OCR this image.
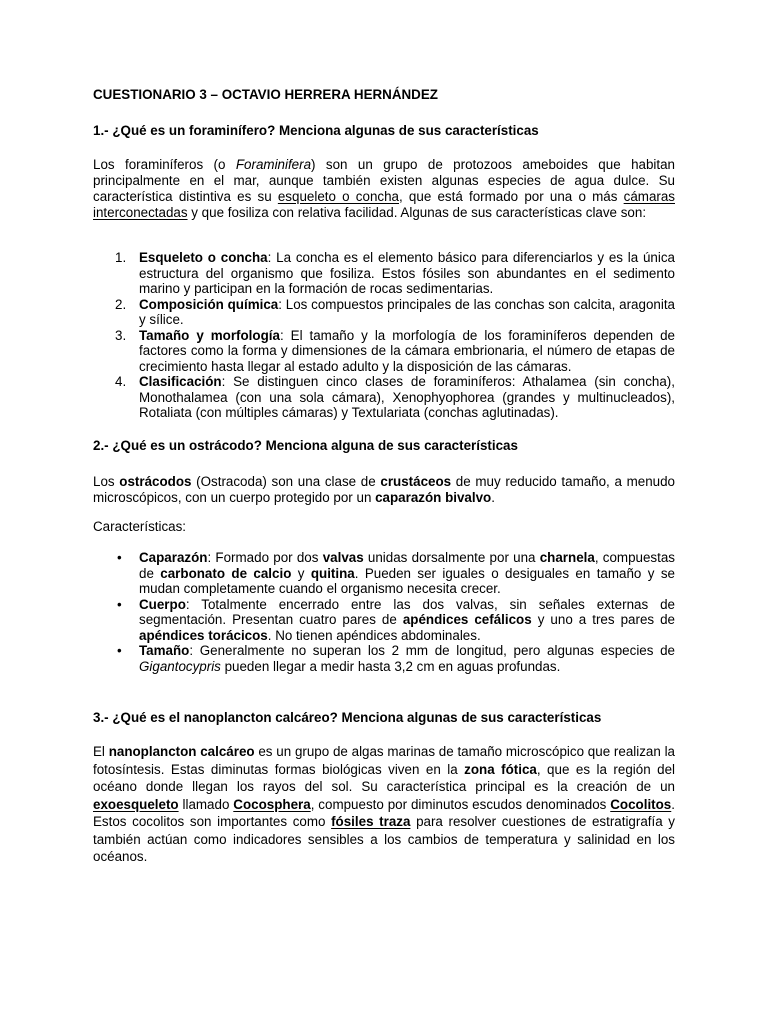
CUESTIONARIO 3 – OCTAVIO HERRERA HERNÁNDEZ
1.- ¿Qué es un foraminífero? Menciona algunas de sus características

Los foraminíferos (o Foraminifera) son un grupo de protozoos ameboides que habitan principalmente en el mar, aunque también existen algunas especies de agua dulce. Su característica distintiva es su esqueleto o concha, que está formado por una o más cámaras interconectadas y que fosiliza con relativa facilidad. Algunas de sus características clave son:

1. Esqueleto o concha: La concha es el elemento básico para diferenciarlos y es la única estructura del organismo que fosiliza. Estos fósiles son abundantes en el sedimento marino y participan en la formación de rocas sedimentarias.
2. Composición química: Los compuestos principales de las conchas son calcita, aragonita y sílice.
3. Tamaño y morfología: El tamaño y la morfología de los foraminíferos dependen de factores como la forma y dimensiones de la cámara embrionaria, el número de etapas de crecimiento hasta llegar al estado adulto y la disposición de las cámaras.
4. Clasificación: Se distinguen cinco clases de foraminíferos: Athalamea (sin concha), Monothalamea (con una sola cámara), Xenophyophorea (grandes y multinucleados), Rotaliata (con múltiples cámaras) y Textulariata (conchas aglutinadas).
2.- ¿Qué es un ostrácodo? Menciona alguna de sus características

Los ostrácodos (Ostracoda) son una clase de crustáceos de muy reducido tamaño, a menudo microscópicos, con un cuerpo protegido por un caparazón bivalvo.

Características:
• Caparazón: Formado por dos valvas unidas dorsalmente por una charnela, compuestas de carbonato de calcio y quitina. Pueden ser iguales o desiguales en tamaño y se mudan completamente cuando el organismo necesita crecer.
• Cuerpo: Totalmente encerrado entre las dos valvas, sin señales externas de segmentación. Presentan cuatro pares de apéndices cefálicos y uno a tres pares de apéndices torácicos. No tienen apéndices abdominales.
• Tamaño: Generalmente no superan los 2 mm de longitud, pero algunas especies de Gigantocypris pueden llegar a medir hasta 3,2 cm en aguas profundas.
3.- ¿Qué es el nanoplancton calcáreo? Menciona algunas de sus características

El nanoplancton calcáreo es un grupo de algas marinas de tamaño microscópico que realizan la fotosíntesis. Estas diminutas formas biológicas viven en la zona fótica, que es la región del océano donde llegan los rayos del sol. Su característica principal es la creación de un exoesqueleto llamado Cocosphera, compuesto por diminutos escudos denominados Cocolitos. Estos cocolitos son importantes como fósiles traza para resolver cuestiones de estratigrafía y también actúan como indicadores sensibles a los cambios de temperatura y salinidad en los océanos.
